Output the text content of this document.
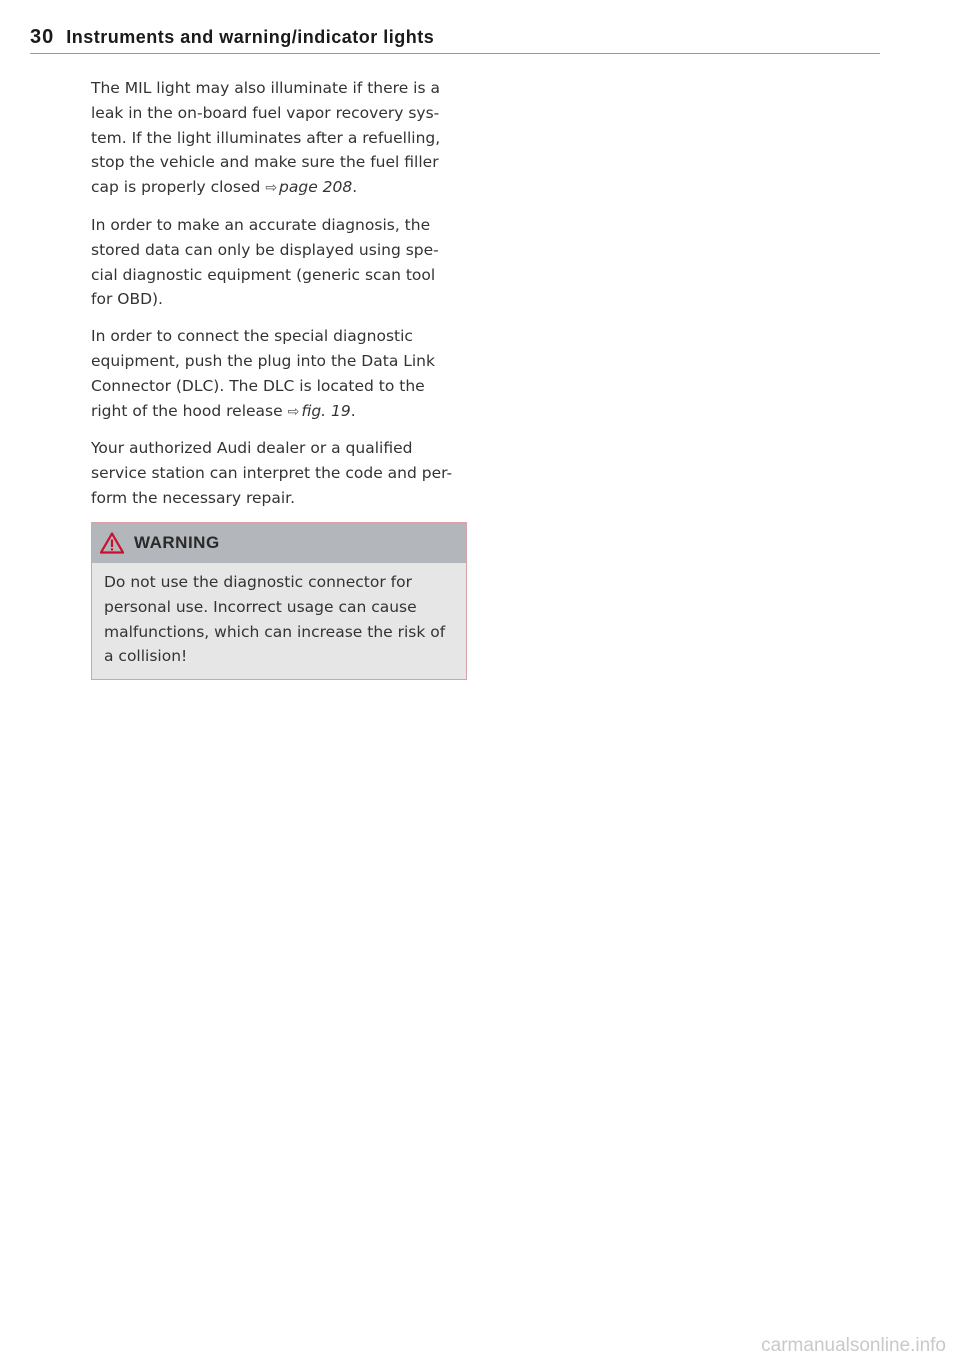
30 Instruments and warning/indicator lights

The MIL light may also illuminate if there is a leak in the on-board fuel vapor recovery sys- tem. If the light illuminates after a refuelling, stop the vehicle and make sure the fuel filler cap is properly closed ⇨ page 208.

In order to make an accurate diagnosis, the stored data can only be displayed using spe- cial diagnostic equipment (generic scan tool for OBD).

In order to connect the special diagnostic equipment, push the plug into the Data Link Connector (DLC). The DLC is located to the right of the hood release ⇨ fig. 19.

Your authorized Audi dealer or a qualified service station can interpret the code and per- form the necessary repair.

WARNING

Do not use the diagnostic connector for personal use. Incorrect usage can cause malfunctions, which can increase the risk of a collision!

carmanualsonline.info
